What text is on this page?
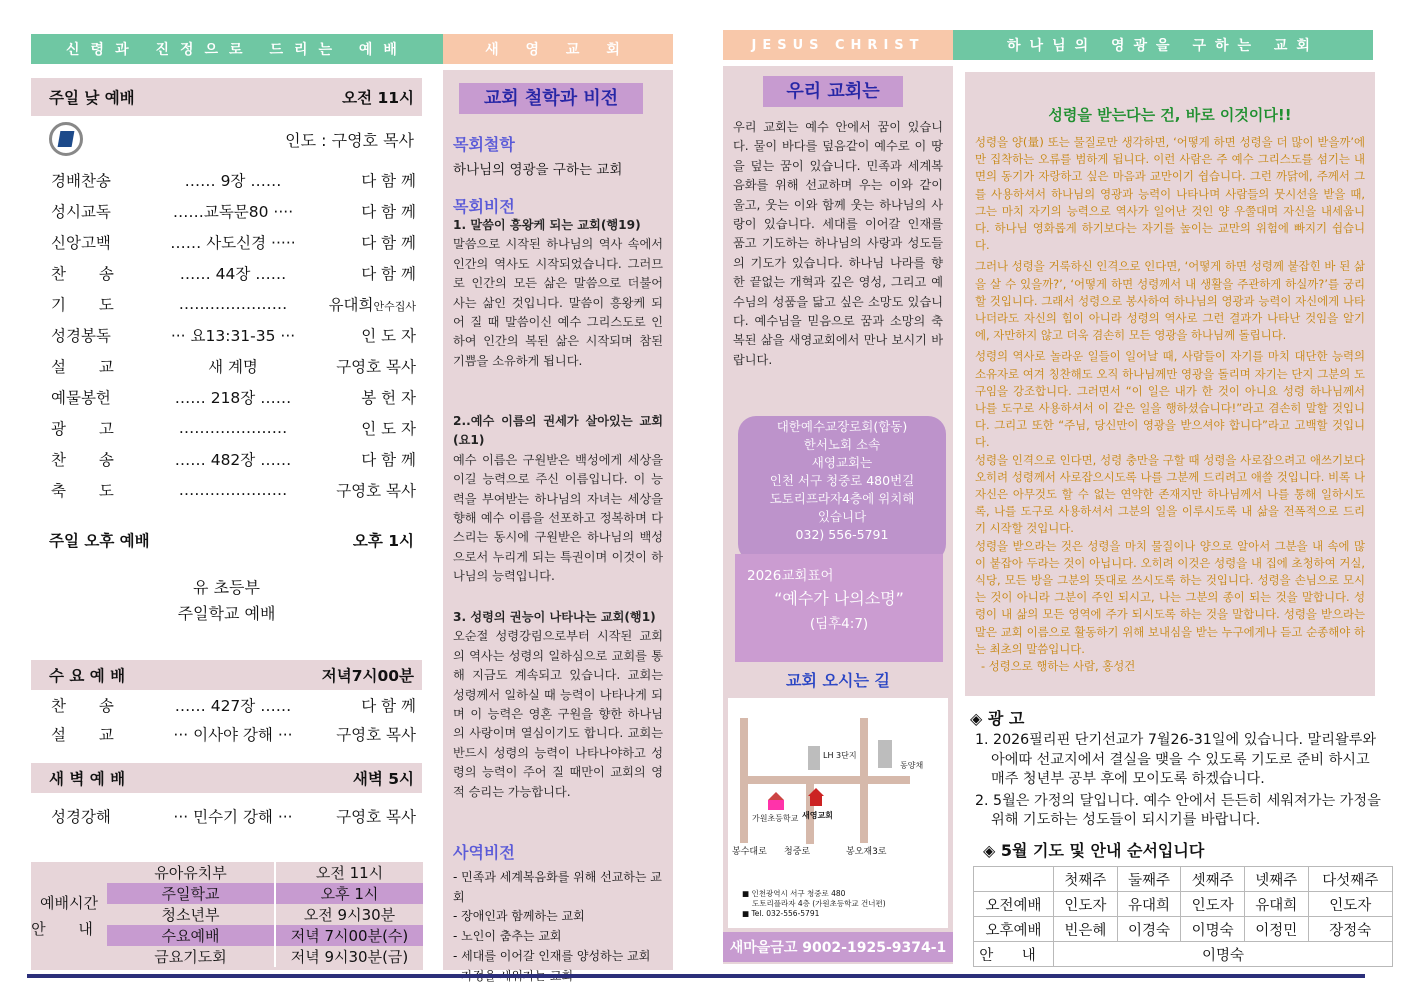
신령과 진정으로 드리는 예배	새 영 교 회
주일 낮 예배	오전 11시
인도 : 구영호 목사
경배찬송	…… 9장 ……	다 함 께
성시교독	……교독문80 ····	다 함 께
신앙고백	…… 사도신경 ·····	다 함 께
찬 송	…… 44장 ……	다 함 께
기 도	…………………	유대희안수집사
성경봉독	··· 요13:31-35 ···	인 도 자
설 교	새 계명	구영호 목사
예물봉헌	…… 218장 ……	봉 헌 자
광 고	…………………	인 도 자
찬 송	…… 482장 ……	다 함 께
축 도	…………………	구영호 목사
주일 오후 예배	오후 1시
유 초등부
주일학교 예배
수 요 예 배	저녁7시00분
찬 송	…… 427장 ……	다 함 께
설 교	··· 이사야 강해 ···	구영호 목사
새 벽 예 배	새벽 5시
성경강해	··· 민수기 강해 ···	구영호 목사
예배시간
안 내
유아유치부	오전 11시
주일학교	오후 1시
청소년부	오전 9시30분
수요예배	저녁 7시00분(수)
금요기도회	저녁 9시30분(금)
교회 철학과 비전
목회철학
하나님의 영광을 구하는 교회
목회비전
1. 말씀이 흥왕케 되는 교회(행19)
말씀으로 시작된 하나님의 역사 속에서 인간의 역사도 시작되었습니다. 그러므로 인간의 모든 삶은 말씀으로 더불어 사는 삶인 것입니다. 말씀이 흥왕케 되어 질 때 말씀이신 예수 그리스도로 인하여 인간의 복된 삶은 시작되며 참된 기쁨을 소유하게 됩니다.
2..예수 이름의 권세가 살아있는 교회(요1)
예수 이름은 구원받은 백성에게 세상을 이길 능력으로 주신 이름입니다. 이 능력을 부여받는 하나님의 자녀는 세상을 향해 예수 이름을 선포하고 정복하며 다스리는 동시에 구원받은 하나님의 백성으로서 누리게 되는 특권이며 이것이 하나님의 능력입니다.
3. 성령의 권능이 나타나는 교회(행1)
오순절 성령강림으로부터 시작된 교회의 역사는 성령의 일하심으로 교회를 통해 지금도 계속되고 있습니다. 교회는 성령께서 일하실 때 능력이 나타나게 되며 이 능력은 영혼 구원을 향한 하나님의 사랑이며 열심이기도 합니다. 교회는 반드시 성령의 능력이 나타나야하고 성령의 능력이 주어 질 때만이 교회의 영적 승리는 가능합니다.
사역비전
- 민족과 세계복음화를 위해 선교하는 교회
- 장애인과 함께하는 교회
- 노인이 춤추는 교회
- 세대를 이어갈 인재를 양성하는 교회
JESUS CHRIST
우리 교회는
우리 교회는 예수 안에서 꿈이 있습니다. 물이 바다를 덮음같이 예수로 이 땅을 덮는 꿈이 있습니다. 민족과 세계복음화를 위해 선교하며 우는 이와 같이 울고, 웃는 이와 함께 웃는 하나님의 사랑이 있습니다. 세대를 이어갈 인재를 품고 기도하는 하나님의 사랑과 성도들의 기도가 있습니다. 하나님 나라를 향한 끝없는 개혁과 깊은 영성, 그리고 예수님의 성품을 닮고 싶은 소망도 있습니다. 예수님을 믿음으로 꿈과 소망의 축복된 삶을 새영교회에서 만나 보시기 바랍니다.
대한예수교장로회(합동)
한서노회 소속
새영교회는
인천 서구 청중로 480번길
도토리프라자4층에 위치해
있습니다
032) 556-5791
2026교회표어
“예수가 나의소명”
(딤후4:7)
교회 오시는 길
LH 3단지
동양채
가원초등학교 새영교회
봉수대로 청중로	봉오재3로
■ 인천광역시 서구 청중로 480
도토리플라자 4층 (가원초등학교 건너편)
■ Tel. 032-556-5791
새마을금고 9002-1925-9374-1
하나님의 영광을 구하는 교회
성령을 받는다는 건, 바로 이것이다!!

성령을 양(量) 또는 물질로만 생각하면, ‘어떻게 하면 성령을 더 많이 받을까’에만 집착하는 오류를 범하게 됩니다. 이런 사람은 주 예수 그리스도를 섬기는 내면의 동기가 자랑하고 싶은 마음과 교만이기 쉽습니다. 그런 까닭에, 주께서 그를 사용하셔서 하나님의 영광과 능력이 나타나며 사람들의 뭇시선을 받을 때, 그는 마치 자기의 능력으로 역사가 일어난 것인 양 우쭐대며 자신을 내세웁니다. 하나님 영화롭게 하기보다는 자기를 높이는 교만의 위험에 빠지기 쉽습니다.

그러나 성령을 거룩하신 인격으로 인다면, ‘어떻게 하면 성령께 붙잡힌 바 된 삶을 살 수 있을까?’, ‘어떻게 하면 성령께서 내 생활을 주관하게 하실까?’를 궁리할 것입니다. 그래서 성령으로 봉사하여 하나님의 영광과 능력이 자신에게 나타나더라도 자신의 힘이 아니라 성령의 역사로 그런 결과가 나타난 것임을 알기에, 자만하지 않고 더욱 겸손히 모든 영광을 하나님께 돌립니다.

성령의 역사로 놀라운 일들이 일어날 때, 사람들이 자기를 마치 대단한 능력의 소유자로 여겨 칭찬해도 오직 하나님께만 영광을 돌리며 자기는 단지 그분의 도구임을 강조합니다. 그러면서 “이 일은 내가 한 것이 아니요 성령 하나님께서 나를 도구로 사용하셔서 이 같은 일을 행하셨습니다!”라고 겸손히 말할 것입니다. 그리고 또한 “주님, 당신만이 영광을 받으셔야 합니다”라고 고백할 것입니다.

성령을 인격으로 인다면, 성령 충만을 구할 때 성령을 사로잡으려고 애쓰기보다 오히려 성령께서 사로잡으시도록 나를 그분께 드리려고 애쓸 것입니다. 비록 나 자신은 아무것도 할 수 없는 연약한 존재지만 하나님께서 나를 통해 일하시도록, 나를 도구로 사용하셔서 그분의 일을 이루시도록 내 삶을 전폭적으로 드리기 시작할 것입니다.

성령을 받으라는 것은 성령을 마치 물질이나 양으로 알아서 그분을 내 속에 많이 붙잡아 두라는 것이 아닙니다. 오히려 이것은 성령을 내 집에 초청하여 거실, 식당, 모든 방을 그분의 뜻대로 쓰시도록 하는 것입니다. 성령을 손님으로 모시는 것이 아니라 그분이 주인 되시고, 나는 그분의 종이 되는 것을 말합니다. 성령이 내 삶의 모든 영역에 주가 되시도록 하는 것을 말합니다. 성령을 받으라는 말은 교회 이름으로 활동하기 위해 보내심을 받는 누구에게나 듣고 순종해야 하는 최초의 말씀입니다.

- 성령으로 행하는 사람, 홍성건

◈ 광 고
1. 2026필리핀 단기선교가 7월26-31일에 있습니다. 말리왈루와 아에따 선교지에서 결실을 맺을 수 있도록 기도로 준비 하시고 매주 청년부 공부 후에 모이도록 하겠습니다.
2. 5월은 가정의 달입니다. 예수 안에서 든든히 세워져가는 가정을 위해 기도하는 성도들이 되시기를 바랍니다.
◈ 5월 기도 및 안내 순서입니다
	첫째주	둘째주	셋째주	넷째주	다섯째주
오전예배	인도자	유대희	인도자	유대희	인도자
오후예배	빈은혜	이경숙	이명숙	이정민	장정숙
안 내	이명숙				
